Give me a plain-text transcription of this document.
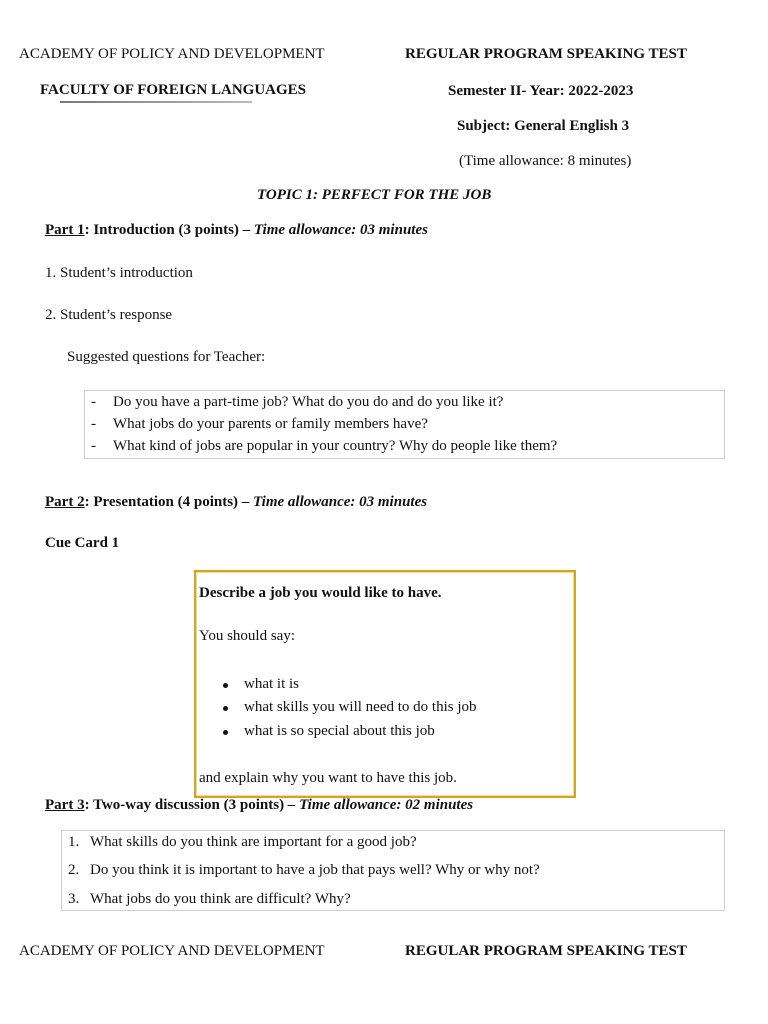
ACADEMY OF POLICY AND DEVELOPMENT	REGULAR PROGRAM SPEAKING TEST
FACULTY OF FOREIGN LANGUAGES	Semester II- Year: 2022-2023
Subject: General English 3
(Time allowance: 8 minutes)
TOPIC 1: PERFECT FOR THE JOB
Part 1: Introduction (3 points) – Time allowance: 03 minutes
1. Student’s introduction
2. Student’s response
Suggested questions for Teacher:
- Do you have a part-time job? What do you do and do you like it?
- What jobs do your parents or family members have?
- What kind of jobs are popular in your country? Why do people like them?
Part 2: Presentation (4 points) – Time allowance: 03 minutes
Cue Card 1
Describe a job you would like to have.
You should say:
what it is
what skills you will need to do this job
what is so special about this job
and explain why you want to have this job.
Part 3: Two-way discussion (3 points) – Time allowance: 02 minutes
1. What skills do you think are important for a good job?
2. Do you think it is important to have a job that pays well? Why or why not?
3. What jobs do you think are difficult? Why?
ACADEMY OF POLICY AND DEVELOPMENT	REGULAR PROGRAM SPEAKING TEST
